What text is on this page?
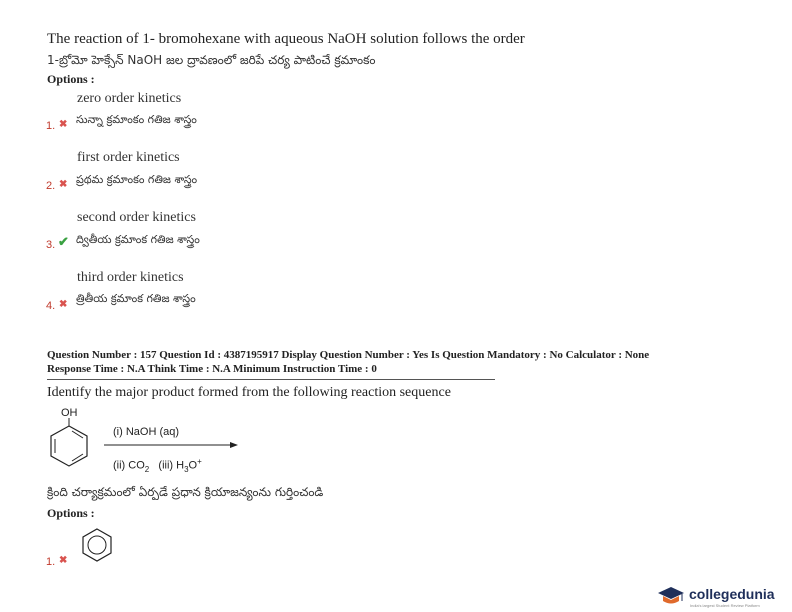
The reaction of 1- bromohexane with aqueous NaOH solution follows the order
1-బ్రోమో హెక్సేన్ NaOH జల ద్రావణంలో జరిపే చర్య పాటించే క్రమాంకం
Options :
zero order kinetics
1. ✖ సున్నా క్రమాంకం గతిజ శాస్త్రం
first order kinetics
2. ✖ ప్రథమ క్రమాంకం గతిజ శాస్త్రం
second order kinetics
3. ✔ ద్వితీయ క్రమాంక గతిజ శాస్త్రం
third order kinetics
4. ✖ త్రితీయ క్రమాంక గతిజ శాస్త్రం
Question Number : 157 Question Id : 4387195917 Display Question Number : Yes Is Question Mandatory : No Calculator : None
Response Time : N.A Think Time : N.A Minimum Instruction Time : 0
Identify the major product formed from the following reaction sequence
OH
(i) NaOH (aq)
(ii) $CO_2$ (iii) $H_3O^+$
క్రింది చర్యాక్రమంలో ఏర్పడే ప్రధాన క్రియాజన్యంను గుర్తించండి
Options :
1. ✖
collegedunia
India's largest Student Review Platform
